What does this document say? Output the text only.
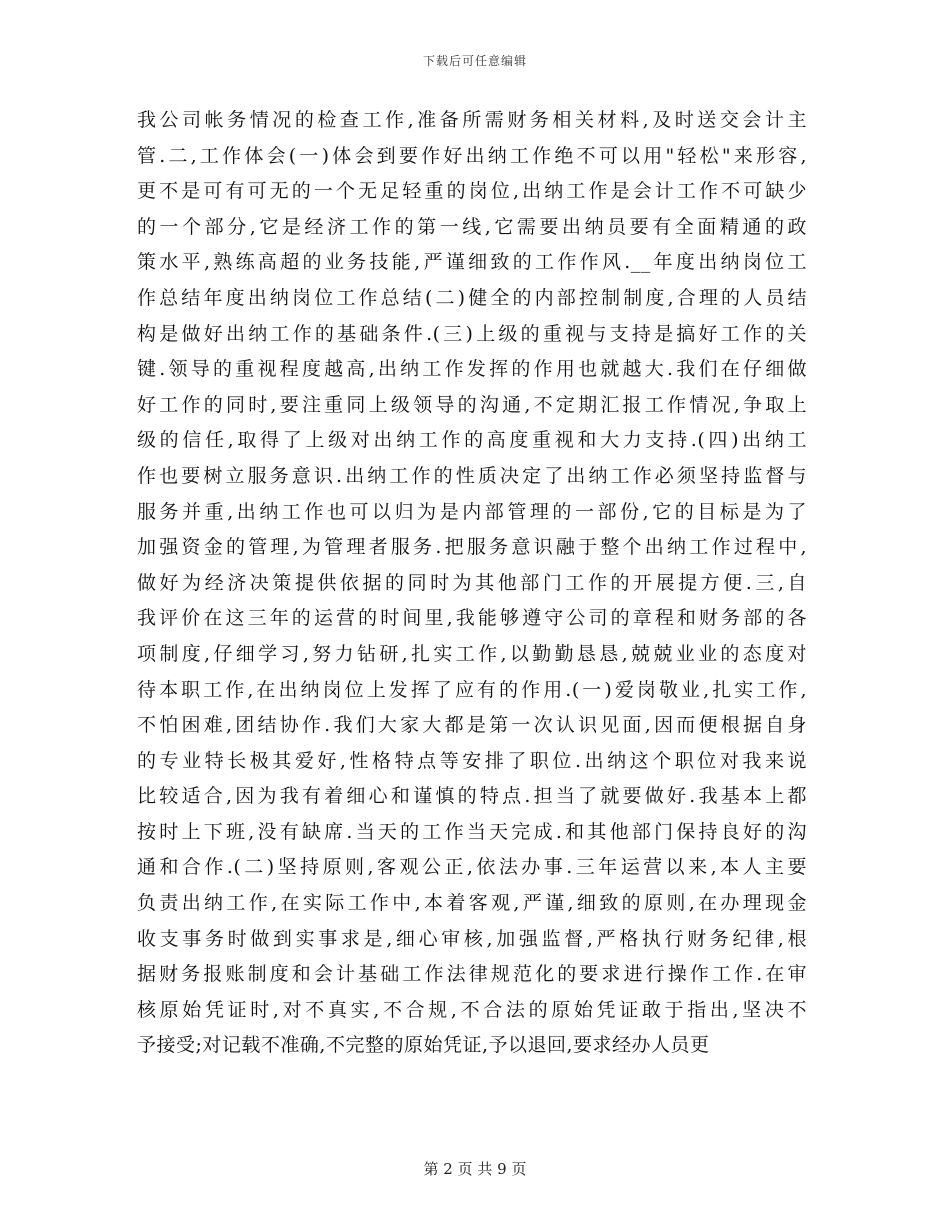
下载后可任意编辑
我公司帐务情况的检查工作,准备所需财务相关材料,及时送交会计主
管.二,工作体会(一)体会到要作好出纳工作绝不可以用"轻松"来形容,
更不是可有可无的一个无足轻重的岗位,出纳工作是会计工作不可缺少
的一个部分,它是经济工作的第一线,它需要出纳员要有全面精通的政
策水平,熟练高超的业务技能,严谨细致的工作作风.__年度出纳岗位工
作总结年度出纳岗位工作总结(二)健全的内部控制制度,合理的人员结
构是做好出纳工作的基础条件.(三)上级的重视与支持是搞好工作的关
键.领导的重视程度越高,出纳工作发挥的作用也就越大.我们在仔细做
好工作的同时,要注重同上级领导的沟通,不定期汇报工作情况,争取上
级的信任,取得了上级对出纳工作的高度重视和大力支持.(四)出纳工
作也要树立服务意识.出纳工作的性质决定了出纳工作必须坚持监督与
服务并重,出纳工作也可以归为是内部管理的一部份,它的目标是为了
加强资金的管理,为管理者服务.把服务意识融于整个出纳工作过程中,
做好为经济决策提供依据的同时为其他部门工作的开展提方便.三,自
我评价在这三年的运营的时间里,我能够遵守公司的章程和财务部的各
项制度,仔细学习,努力钻研,扎实工作,以勤勤恳恳,兢兢业业的态度对
待本职工作,在出纳岗位上发挥了应有的作用.(一)爱岗敬业,扎实工作,
不怕困难,团结协作.我们大家大都是第一次认识见面,因而便根据自身
的专业特长极其爱好,性格特点等安排了职位.出纳这个职位对我来说
比较适合,因为我有着细心和谨慎的特点.担当了就要做好.我基本上都
按时上下班,没有缺席.当天的工作当天完成.和其他部门保持良好的沟
通和合作.(二)坚持原则,客观公正,依法办事.三年运营以来,本人主要
负责出纳工作,在实际工作中,本着客观,严谨,细致的原则,在办理现金
收支事务时做到实事求是,细心审核,加强监督,严格执行财务纪律,根
据财务报账制度和会计基础工作法律规范化的要求进行操作工作.在审
核原始凭证时,对不真实,不合规,不合法的原始凭证敢于指出,坚决不
予接受;对记载不准确,不完整的原始凭证,予以退回,要求经办人员更
第 2 页 共 9 页
